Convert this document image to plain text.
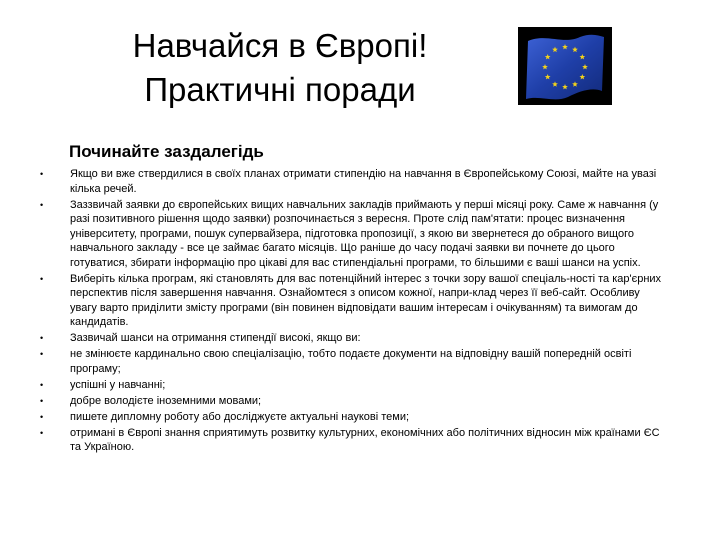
Навчайся в Європі!
Практичні поради
Починайте заздалегідь
• Якщо ви вже ствердилися в своїх планах отримати стипендію на навчання в Європейському Союзі, майте на увазі кілька речей.
• Заззвичай заявки до європейських вищих навчальних закладів приймають у перші місяці року. Саме ж навчання (у разі позитивного рішення щодо заявки) розпочинається з вересня. Проте слід пам'ятати: процес визначення університету, програми, пошук супервайзера, підготовка пропозиції, з якою ви звернетеся до обраного вищого навчального закладу - все це займає багато місяців. Що раніше до часу подачі заявки ви почнете до цього готуватися, збирати інформацію про цікаві для вас стипендіальні програми, то більшими є ваші шанси на успіх.
• Виберіть кілька програм, які становлять для вас потенційний інтерес з точки зору вашої спеціаль-ності та кар'єрних перспектив після завершення навчання. Ознайомтеся з описом кожної, напри-клад через її веб-сайт. Особливу увагу варто приділити змісту програми (він повинен відповідати вашим інтересам і очікуванням) та вимогам до кандидатів.
• Зазвичай шанси на отримання стипендії високі, якщо ви:
• не змінюєте кардинально свою спеціалізацію, тобто подаєте документи на відповідну вашій попередній освіті програму;
• успішні у навчанні;
• добре володієте іноземними мовами;
• пишете дипломну роботу або досліджуєте актуальні наукові теми;
• отримані в Європі знання сприятимуть розвитку культурних, економічних або політичних відносин між країнами ЄС та Україною.
